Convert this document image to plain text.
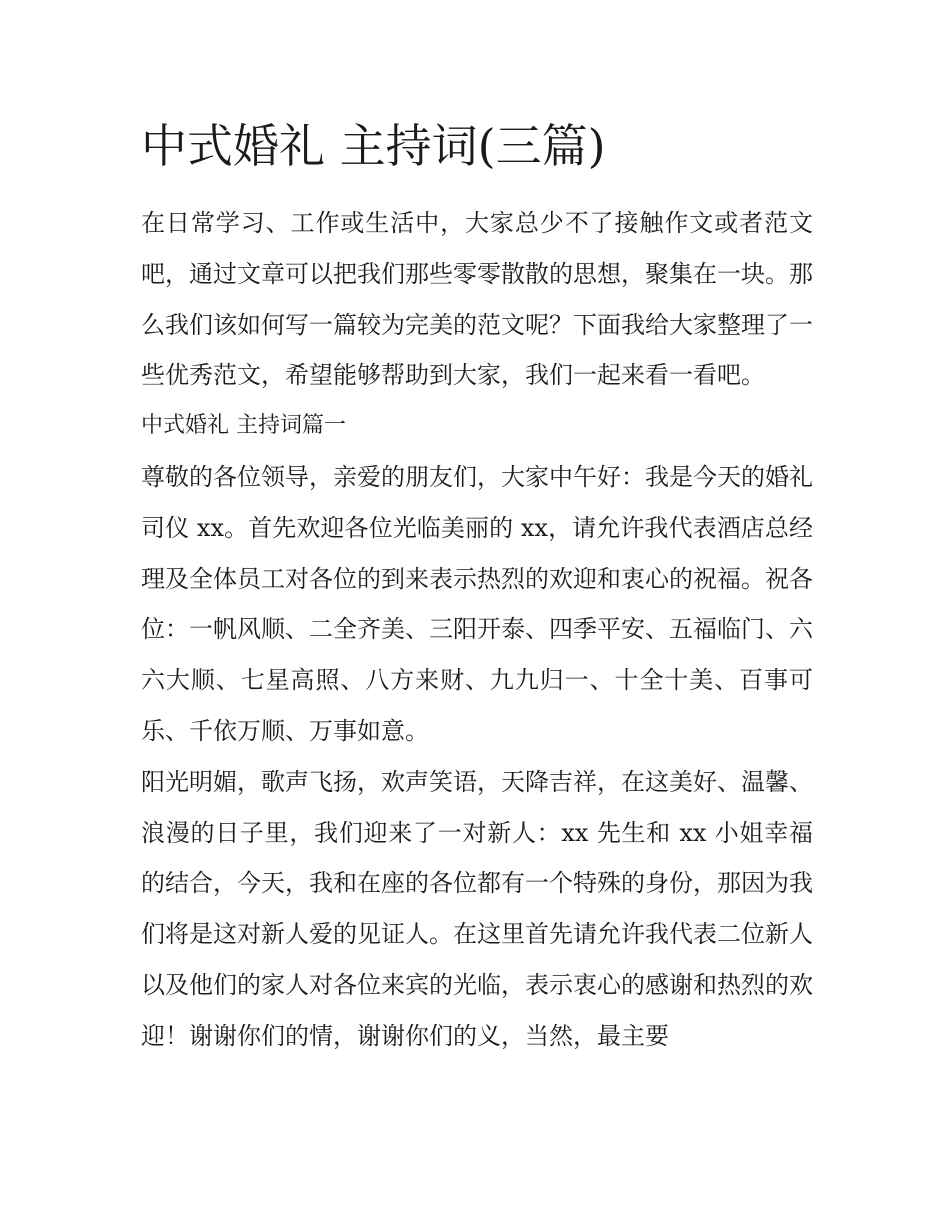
中式婚礼 主持词(三篇)

在日常学习、工作或生活中，大家总少不了接触作文或者范文吧，通过文章可以把我们那些零零散散的思想，聚集在一块。那么我们该如何写一篇较为完美的范文呢？下面我给大家整理了一些优秀范文，希望能够帮助到大家，我们一起来看一看吧。

中式婚礼 主持词篇一

尊敬的各位领导，亲爱的朋友们，大家中午好：我是今天的婚礼司仪 xx。首先欢迎各位光临美丽的 xx，请允许我代表酒店总经理及全体员工对各位的到来表示热烈的欢迎和衷心的祝福。祝各位：一帆风顺、二全齐美、三阳开泰、四季平安、五福临门、六六大顺、七星高照、八方来财、九九归一、十全十美、百事可乐、千依万顺、万事如意。

阳光明媚，歌声飞扬，欢声笑语，天降吉祥，在这美好、温馨、浪漫的日子里，我们迎来了一对新人：xx 先生和 xx 小姐幸福的结合，今天，我和在座的各位都有一个特殊的身份，那因为我们将是这对新人爱的见证人。在这里首先请允许我代表二位新人以及他们的家人对各位来宾的光临，表示衷心的感谢和热烈的欢迎！谢谢你们的情，谢谢你们的义，当然，最主要
